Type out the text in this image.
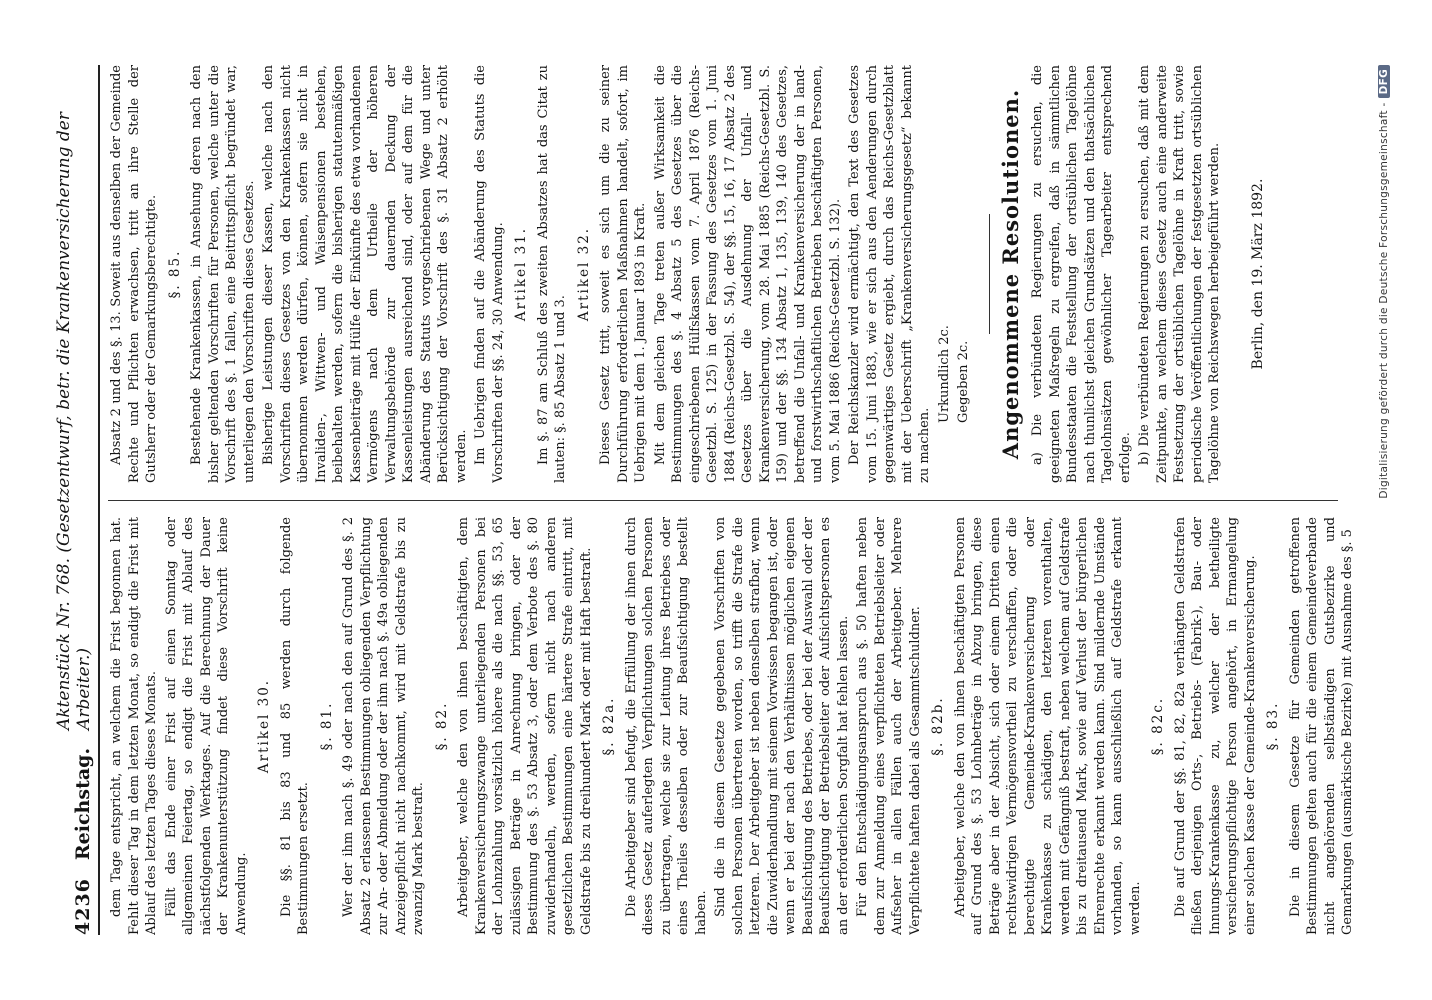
4236
Reichstag.
Aktenstück Nr. 768. (Gesetzentwurf, betr. die Krankenversicherung der Arbeiter.) dem Tage entspricht, an welchem die Frist begonnen hat. Fehlt dieser Tag in dem letzten Monat, so endigt die Frist mit Ablauf des letzten Tages dieses Monats. Fällt das Ende einer Frist auf einen Sonntag oder allgemeinen Feiertag, so endigt die Frist mit Ablauf des nächstfolgenden Werktages. Auf die Berechnung der Dauer der Krankenunterstützung findet diese Vorschrift keine Anwendung.

Artikel 30. Die §§. 81 bis 83 und 85 werden durch folgende Bestimmungen ersetzt.

§. 81. Wer der ihm nach §. 49 oder nach den auf Grund des §. 2 Absatz 2 erlassenen Bestimmungen obliegenden Verpflichtung zur An- oder Abmeldung oder der ihm nach §. 49a obliegenden Anzeigepflicht nicht nachkommt, wird mit Geldstrafe bis zu zwanzig Mark bestraft.

§. 82. Arbeitgeber, welche den von ihnen beschäftigten, dem Krankenversicherungszwange unterliegenden Personen bei der Lohnzahlung vorsätzlich höhere als die nach §§. 53, 65 zulässigen Beträge in Anrechnung bringen, oder der Bestimmung des §. 53 Absatz 3, oder dem Verbote des §. 80 zuwiderhandeln, werden, sofern nicht nach anderen gesetzlichen Bestimmungen eine härtere Strafe eintritt, mit Geldstrafe bis zu dreihundert Mark oder mit Haft bestraft. §. 82a. Die Arbeitgeber sind befugt, die Erfüllung der ihnen durch dieses Gesetz auferlegten Verpflichtungen solchen Personen zu übertragen, welche sie zur Leitung ihres Betriebes oder eines Theiles desselben oder zur Beaufsichtigung bestellt haben. Sind die in diesem Gesetze gegebenen Vorschriften von solchen Personen übertreten worden, so trifft die Strafe die letzteren. Der Arbeitgeber ist neben denselben strafbar, wenn die Zuwiderhandlung mit seinem Vorwissen begangen ist, oder wenn er bei der nach den Verhältnissen möglichen eigenen Beaufsichtigung des Betriebes, oder bei der Auswahl oder der Beaufsichtigung der Betriebsleiter oder Aufsichtspersonen es an der erforderlichen Sorgfalt hat fehlen lassen. Für den Entschädigungsanspruch aus §. 50 haften neben dem zur Anmeldung eines verpflichteten Betriebsleiter oder Aufseher in allen Fällen auch der Arbeitgeber. Mehrere Verpflichtete haften dabei als Gesammtschuldner. §. 82b. Arbeitgeber, welche den von ihnen beschäftigten Personen auf Grund des §. 53 Lohnbeträge in Abzug bringen, diese Beträge aber in der Absicht, sich oder einem Dritten einen rechtswidrigen Vermögensvortheil zu verschaffen, oder die berechtigte Gemeinde-Krankenversicherung oder Krankenkasse zu schädigen, den letzteren vorenthalten, werden mit Gefängniß bestraft, neben welchem auf Geldstrafe bis zu dreitausend Mark, sowie auf Verlust der bürgerlichen Ehrenrechte erkannt werden kann. Sind mildernde Umstände vorhanden, so kann ausschließlich auf Geldstrafe erkannt werden.

§. 82c. Die auf Grund der §§. 81, 82, 82a verhängten Geldstrafen fließen derjenigen Orts-, Betriebs- (Fabrik-), Bau- oder Innungs-Krankenkasse zu, welcher der betheiligte versicherungspflichtige Person angehört, in Ermangelung einer solchen Kasse der Gemeinde-Krankenversicherung. §. 83. Die in diesem Gesetze für Gemeinden getroffenen Bestimmungen gelten auch für die einem Gemeindeverbande nicht angehörenden selbständigen Gutsbezirke und Gemarkungen (ausmärkische Bezirke) mit Ausnahme des §. 5

Absatz 2 und des §. 13. Soweit aus denselben der Gemeinde Rechte und Pflichten erwachsen, tritt an ihre Stelle der Gutsherr oder der Gemarkungsberechtigte. §. 85. Bestehende Krankenkassen, in Ansehung deren nach den bisher geltenden Vorschriften für Personen, welche unter die Vorschrift des §. 1 fallen, eine Beitrittspflicht begründet war, unterliegen den Vorschriften dieses Gesetzes. Bisherige Leistungen dieser Kassen, welche nach den Vorschriften dieses Gesetzes von den Krankenkassen nicht übernommen werden dürfen, können, sofern sie nicht in Invaliden-, Wittwen- und Waisenpensionen bestehen, beibehalten werden, sofern die bisherigen statutenmäßigen Kassenbeiträge mit Hülfe der Einkünfte des etwa vorhandenen Vermögens nach dem Urtheile der höheren Verwaltungsbehörde zur dauernden Deckung der Kassenleistungen ausreichend sind, oder auf dem für die Abänderung des Statuts vorgeschriebenen Wege und unter Berücksichtigung der Vorschrift des §. 31 Absatz 2 erhöht werden. Im Uebrigen finden auf die Abänderung des Statuts die Vorschriften der §§. 24, 30 Anwendung. Artikel 31. Im §. 87 am Schluß des zweiten Absatzes hat das Citat zu lauten: §. 85 Absatz 1 und 3.

Artikel 32. Dieses Gesetz tritt, soweit es sich um die zu seiner Durchführung erforderlichen Maßnahmen handelt, sofort, im Uebrigen mit dem 1. Januar 1893 in Kraft. Mit dem gleichen Tage treten außer Wirksamkeit die Bestimmungen des §. 4 Absatz 5 des Gesetzes über die eingeschriebenen Hülfskassen vom 7. April 1876 (Reichs-Gesetzbl. S. 125) in der Fassung des Gesetzes vom 1. Juni 1884 (Reichs-Gesetzbl. S. 54), der §§. 15, 16, 17 Absatz 2 des Gesetzes über die Ausdehnung der Unfall- und Krankenversicherung, vom 28. Mai 1885 (Reichs-Gesetzbl. S. 159) und der §§. 134 Absatz 1, 135, 139, 140 des Gesetzes, betreffend die Unfall- und Krankenversicherung der in land- und forstwirthschaftlichen Betrieben beschäftigten Personen, vom 5. Mai 1886 (Reichs-Gesetzbl. S. 132). Der Reichskanzler wird ermächtigt, den Text des Gesetzes vom 15. Juni 1883, wie er sich aus den Aenderungen durch gegenwärtiges Gesetz ergiebt, durch das Reichs-Gesetzblatt mit der Ueberschrift „Krankenversicherungsgesetz“ bekannt zu machen.

Urkundlich 2c. Gegeben 2c. Angenommene Resolutionen. a) Die verbündeten Regierungen zu ersuchen, die geeigneten Maßregeln zu ergreifen, daß in sämmtlichen Bundesstaaten die Feststellung der ortsüblichen Tagelöhne nach thunlichst gleichen Grundsätzen und den thatsächlichen Tagelohnsätzen gewöhnlicher Tagearbeiter entsprechend erfolge. b) Die verbündeten Regierungen zu ersuchen, daß mit dem Zeitpunkte, an welchem dieses Gesetz auch eine anderweite Festsetzung der ortsüblichen Tagelöhne in Kraft tritt, sowie periodische Veröffentlichungen der festgesetzten ortsüblichen Tagelöhne von Reichswegen herbeigeführt werden. Berlin, den 19. März 1892.	Digitalisierung gefördert durch die Deutsche Forschungsgemeinschaft -DFG
